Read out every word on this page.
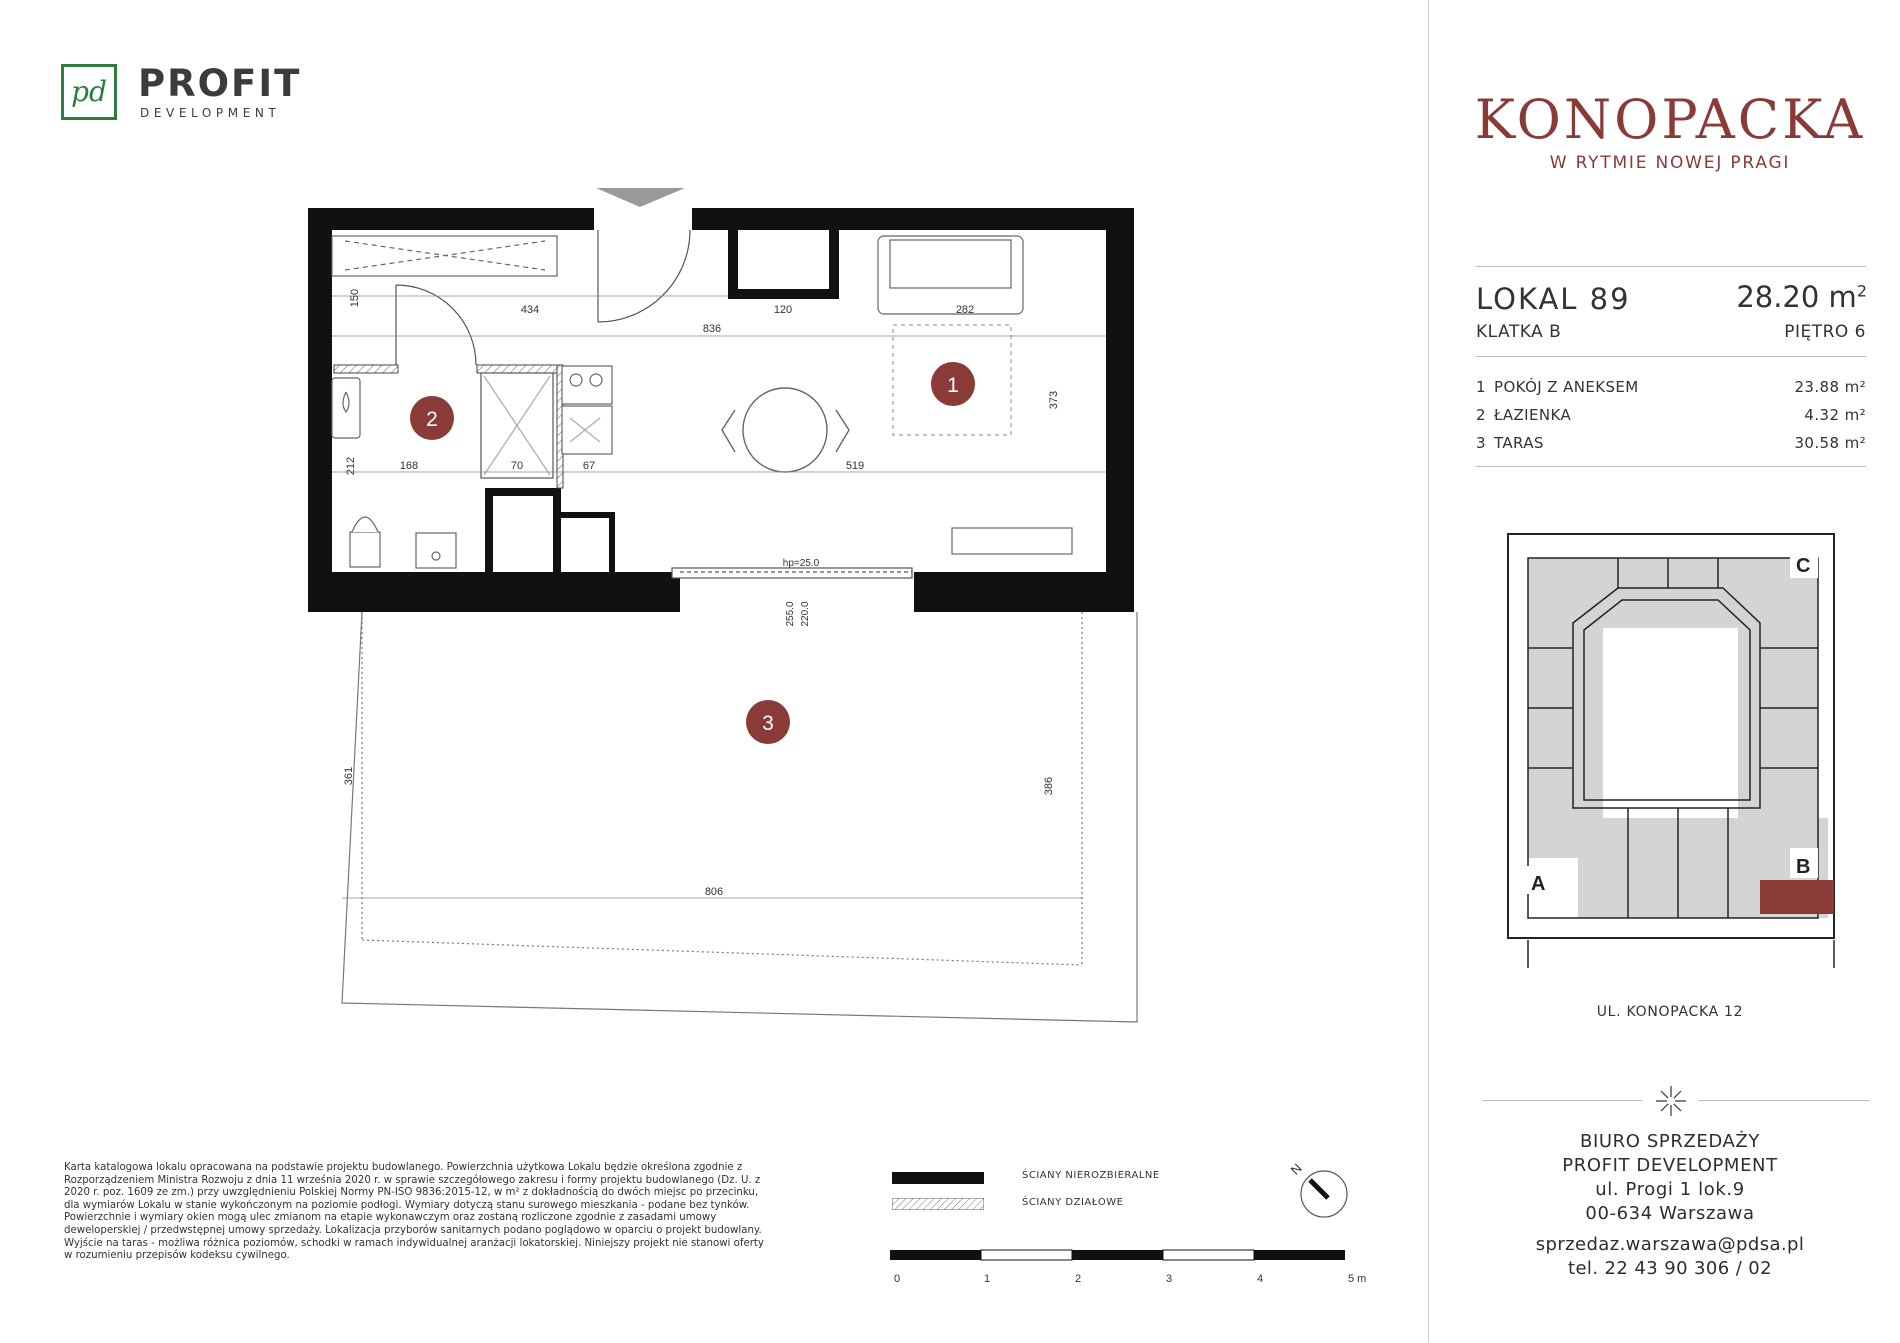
pd PROFIT
DEVELOPMENT
434
150
836
120	282
373
212	168	70	67	519
hp=25.0
255.0 220.0
361
386
806
1
2
3
Karta katalogowa lokalu opracowana na podstawie projektu budowlanego. Powierzchnia użytkowa Lokalu będzie określona zgodnie z Rozporządzeniem Ministra Rozwoju z dnia 11 września 2020 r. w sprawie szczegółowego zakresu i formy projektu budowlanego (Dz. U. z 2020 r. poz. 1609 ze zm.) przy uwzględnieniu Polskiej Normy PN-ISO 9836:2015-12, w m² z dokładnością do dwóch miejsc po przecinku, dla wymiarów Lokalu w stanie wykończonym na poziomie podłogi. Wymiary dotyczą stanu surowego mieszkania - podane bez tynków. Powierzchnie i wymiary okien mogą ulec zmianom na etapie wykonawczym oraz zostaną rozliczone zgodnie z zasadami umowy deweloperskiej / przedwstępnej umowy sprzedaży. Lokalizacja przyborów sanitarnych podano poglądowo w oparciu o projekt budowlany. Wyjście na taras - możliwa różnica poziomów, schodki w ramach indywidualnej aranżacji lokatorskiej. Niniejszy projekt nie stanowi oferty w rozumieniu przepisów kodeksu cywilnego.
ŚCIANY NIEROZBIERALNE
ŚCIANY DZIAŁOWE
N
0	1	2	3	4	5 m
KONOPACKA
W RYTMIE NOWEJ PRAGI
LOKAL 89	28.20 $m^2$
KLATKA B	PIĘTRO 6
1 POKÓJ Z ANEKSEM	23.88 m²
2 ŁAZIENKA	4.32 m²
3 TARAS	30.58 m²
A
B
C
UL. KONOPACKA 12
BIURO SPRZEDAŻY
PROFIT DEVELOPMENT
ul. Progi 1 lok.9
00-634 Warszawa
sprzedaz.warszawa@pdsa.pl
tel. 22 43 90 306 / 02
